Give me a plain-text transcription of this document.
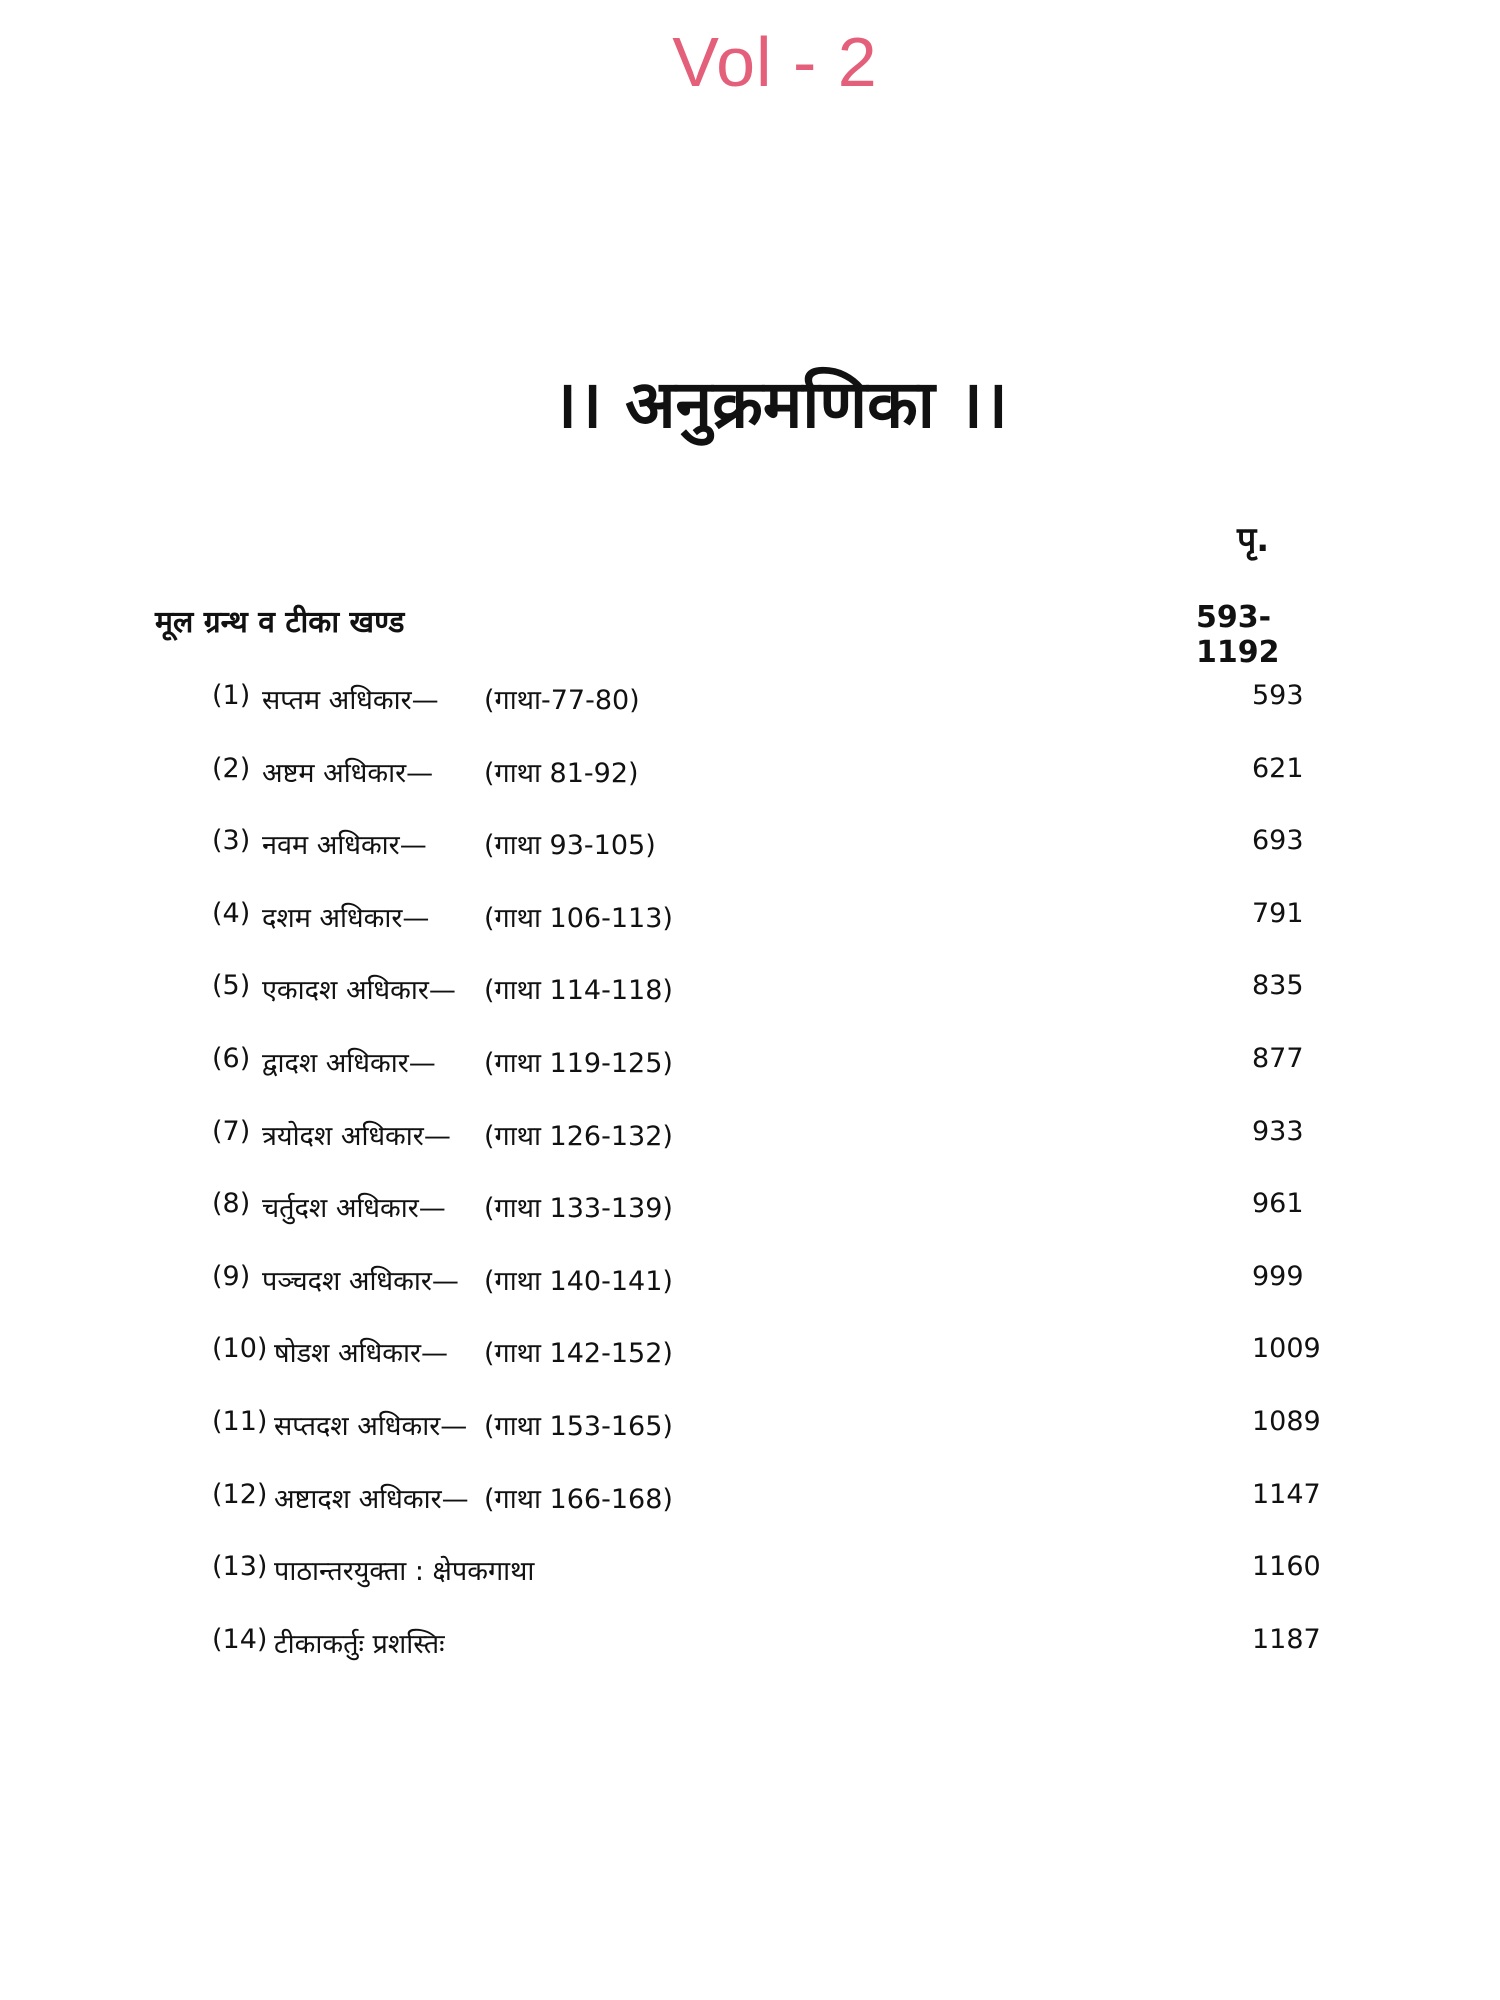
Vol - 2
।। अनुक्रमणिका ।।
पृ.
मूल ग्रन्थ व टीका खण्ड	593-1192
(1) सप्तम अधिकार— (गाथा-77-80)	593
(2) अष्टम अधिकार— (गाथा 81-92)	621
(3) नवम अधिकार— (गाथा 93-105)	693
(4) दशम अधिकार— (गाथा 106-113)	791
(5) एकादश अधिकार— (गाथा 114-118)	835
(6) द्वादश अधिकार— (गाथा 119-125)	877
(7) त्रयोदश अधिकार— (गाथा 126-132)	933
(8) चर्तुदश अधिकार— (गाथा 133-139)	961
(9) पञ्चदश अधिकार— (गाथा 140-141)	999
(10) षोडश अधिकार— (गाथा 142-152)	1009
(11) सप्तदश अधिकार— (गाथा 153-165)	1089
(12) अष्टादश अधिकार— (गाथा 166-168)	1147
(13) पाठान्तरयुक्ता : क्षेपकगाथा	1160
(14) टीकाकर्तुः प्रशस्तिः	1187
